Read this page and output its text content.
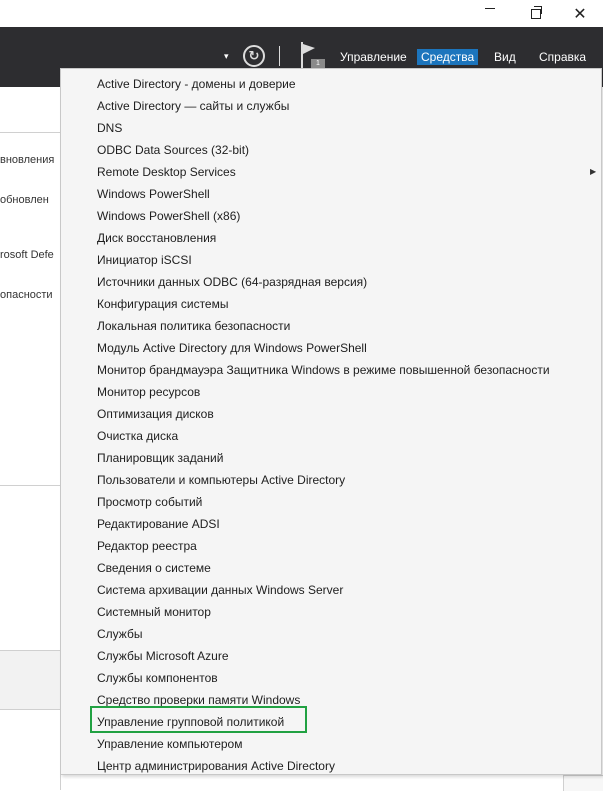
✕
▾	↻
1	Управление	Средства	Вид Справка
вновления
обновлен
rosoft Defe
опасности
Active Directory - домены и доверие
Active Directory — сайты и службы
DNS
ODBC Data Sources (32-bit)
Remote Desktop Services	▶
Windows PowerShell
Windows PowerShell (x86)
Диск восстановления
Инициатор iSCSI
Источники данных ODBC (64-разрядная версия)
Конфигурация системы
Локальная политика безопасности
Модуль Active Directory для Windows PowerShell
Монитор брандмауэра Защитника Windows в режиме повышенной безопасности
Монитор ресурсов
Оптимизация дисков
Очистка диска
Планировщик заданий
Пользователи и компьютеры Active Directory
Просмотр событий
Редактирование ADSI
Редактор реестра
Сведения о системе
Система архивации данных Windows Server
Системный монитор
Службы
Службы Microsoft Azure
Службы компонентов
Средство проверки памяти Windows
Управление групповой политикой
Управление компьютером
Центр администрирования Active Directory
